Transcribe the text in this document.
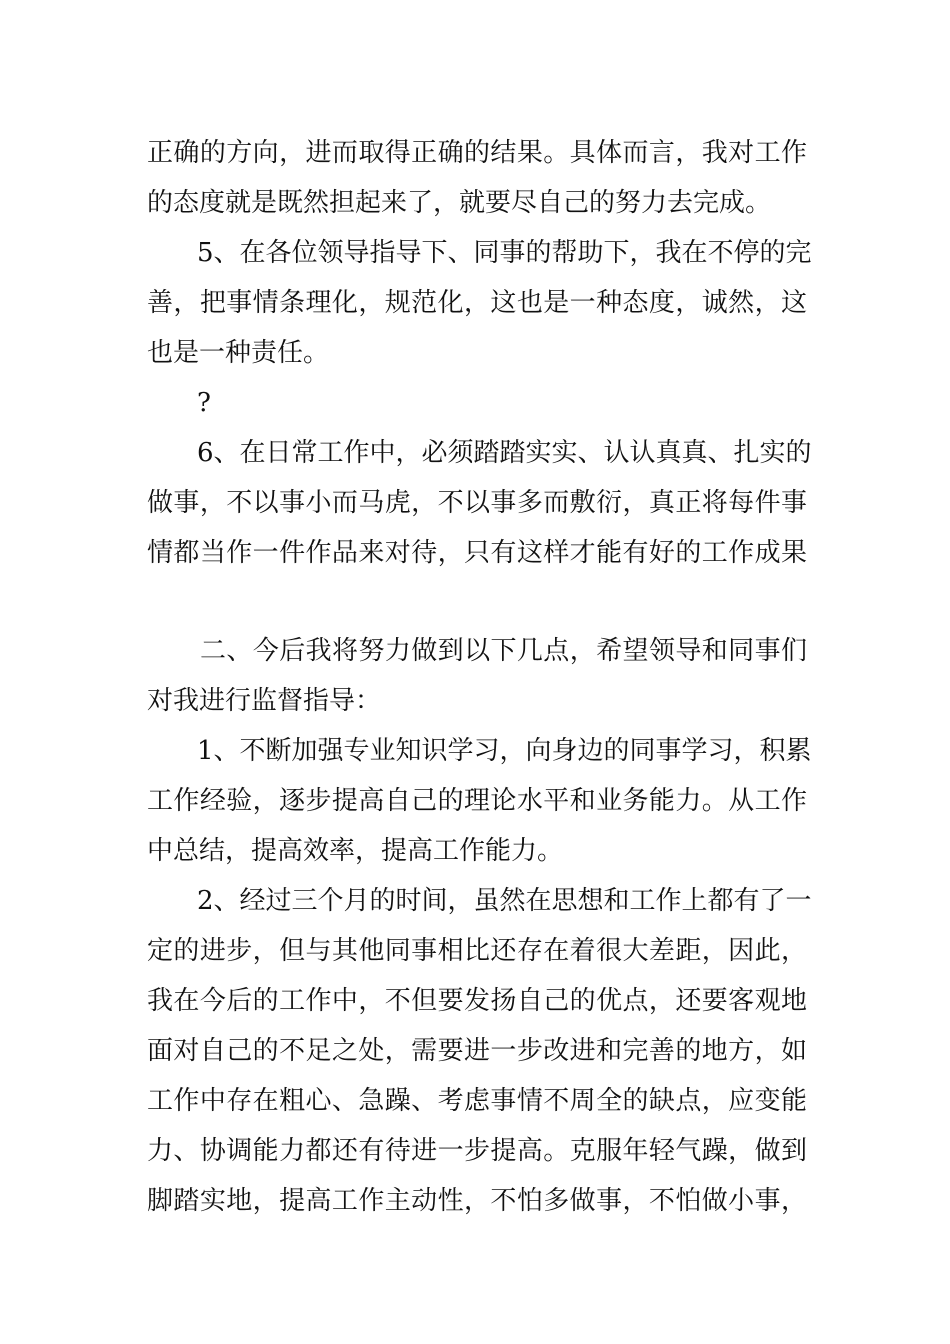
正确的方向，进而取得正确的结果。具体而言，我对工作
的态度就是既然担起来了，就要尽自己的努力去完成。
5、在各位领导指导下、同事的帮助下，我在不停的完
善，把事情条理化，规范化，这也是一种态度，诚然，这
也是一种责任。
?
6、在日常工作中，必须踏踏实实、认认真真、扎实的
做事，不以事小而马虎，不以事多而敷衍，真正将每件事
情都当作一件作品来对待，只有这样才能有好的工作成果
二、今后我将努力做到以下几点，希望领导和同事们
对我进行监督指导：
1、不断加强专业知识学习，向身边的同事学习，积累
工作经验，逐步提高自己的理论水平和业务能力。从工作
中总结，提高效率，提高工作能力。
2、经过三个月的时间，虽然在思想和工作上都有了一
定的进步，但与其他同事相比还存在着很大差距，因此，
我在今后的工作中，不但要发扬自己的优点，还要客观地
面对自己的不足之处，需要进一步改进和完善的地方，如
工作中存在粗心、急躁、考虑事情不周全的缺点，应变能
力、协调能力都还有待进一步提高。克服年轻气躁，做到
脚踏实地，提高工作主动性，不怕多做事，不怕做小事，
